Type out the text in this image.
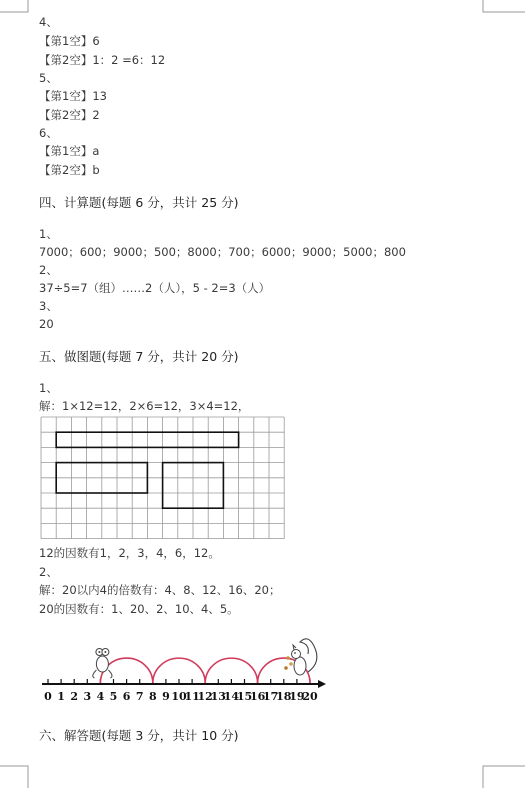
4、
【第1空】6
【第2空】1：2 =6：12
5、
【第1空】13
【第2空】2
6、
【第1空】a
【第2空】b
四、计算题(每题 6 分，共计 25 分)
1、
7000；600；9000；500；8000；700；6000；9000；5000；800
2、
37÷5=7（组）……2（人），5 - 2=3（人）
3、
20
五、做图题(每题 7 分，共计 20 分)
1、
解：1×12=12，2×6=12，3×4=12，
12的因数有1，2，3，4，6，12。
2、
解：20以内4的倍数有：4、8、12、16、20；
20的因数有：1、20、2、10、4、5。
0 1 2 3 4 5 6 7 8 9 10
11
12
13
14
15
16
17
18
19
20
六、解答题(每题 3 分，共计 10 分)
